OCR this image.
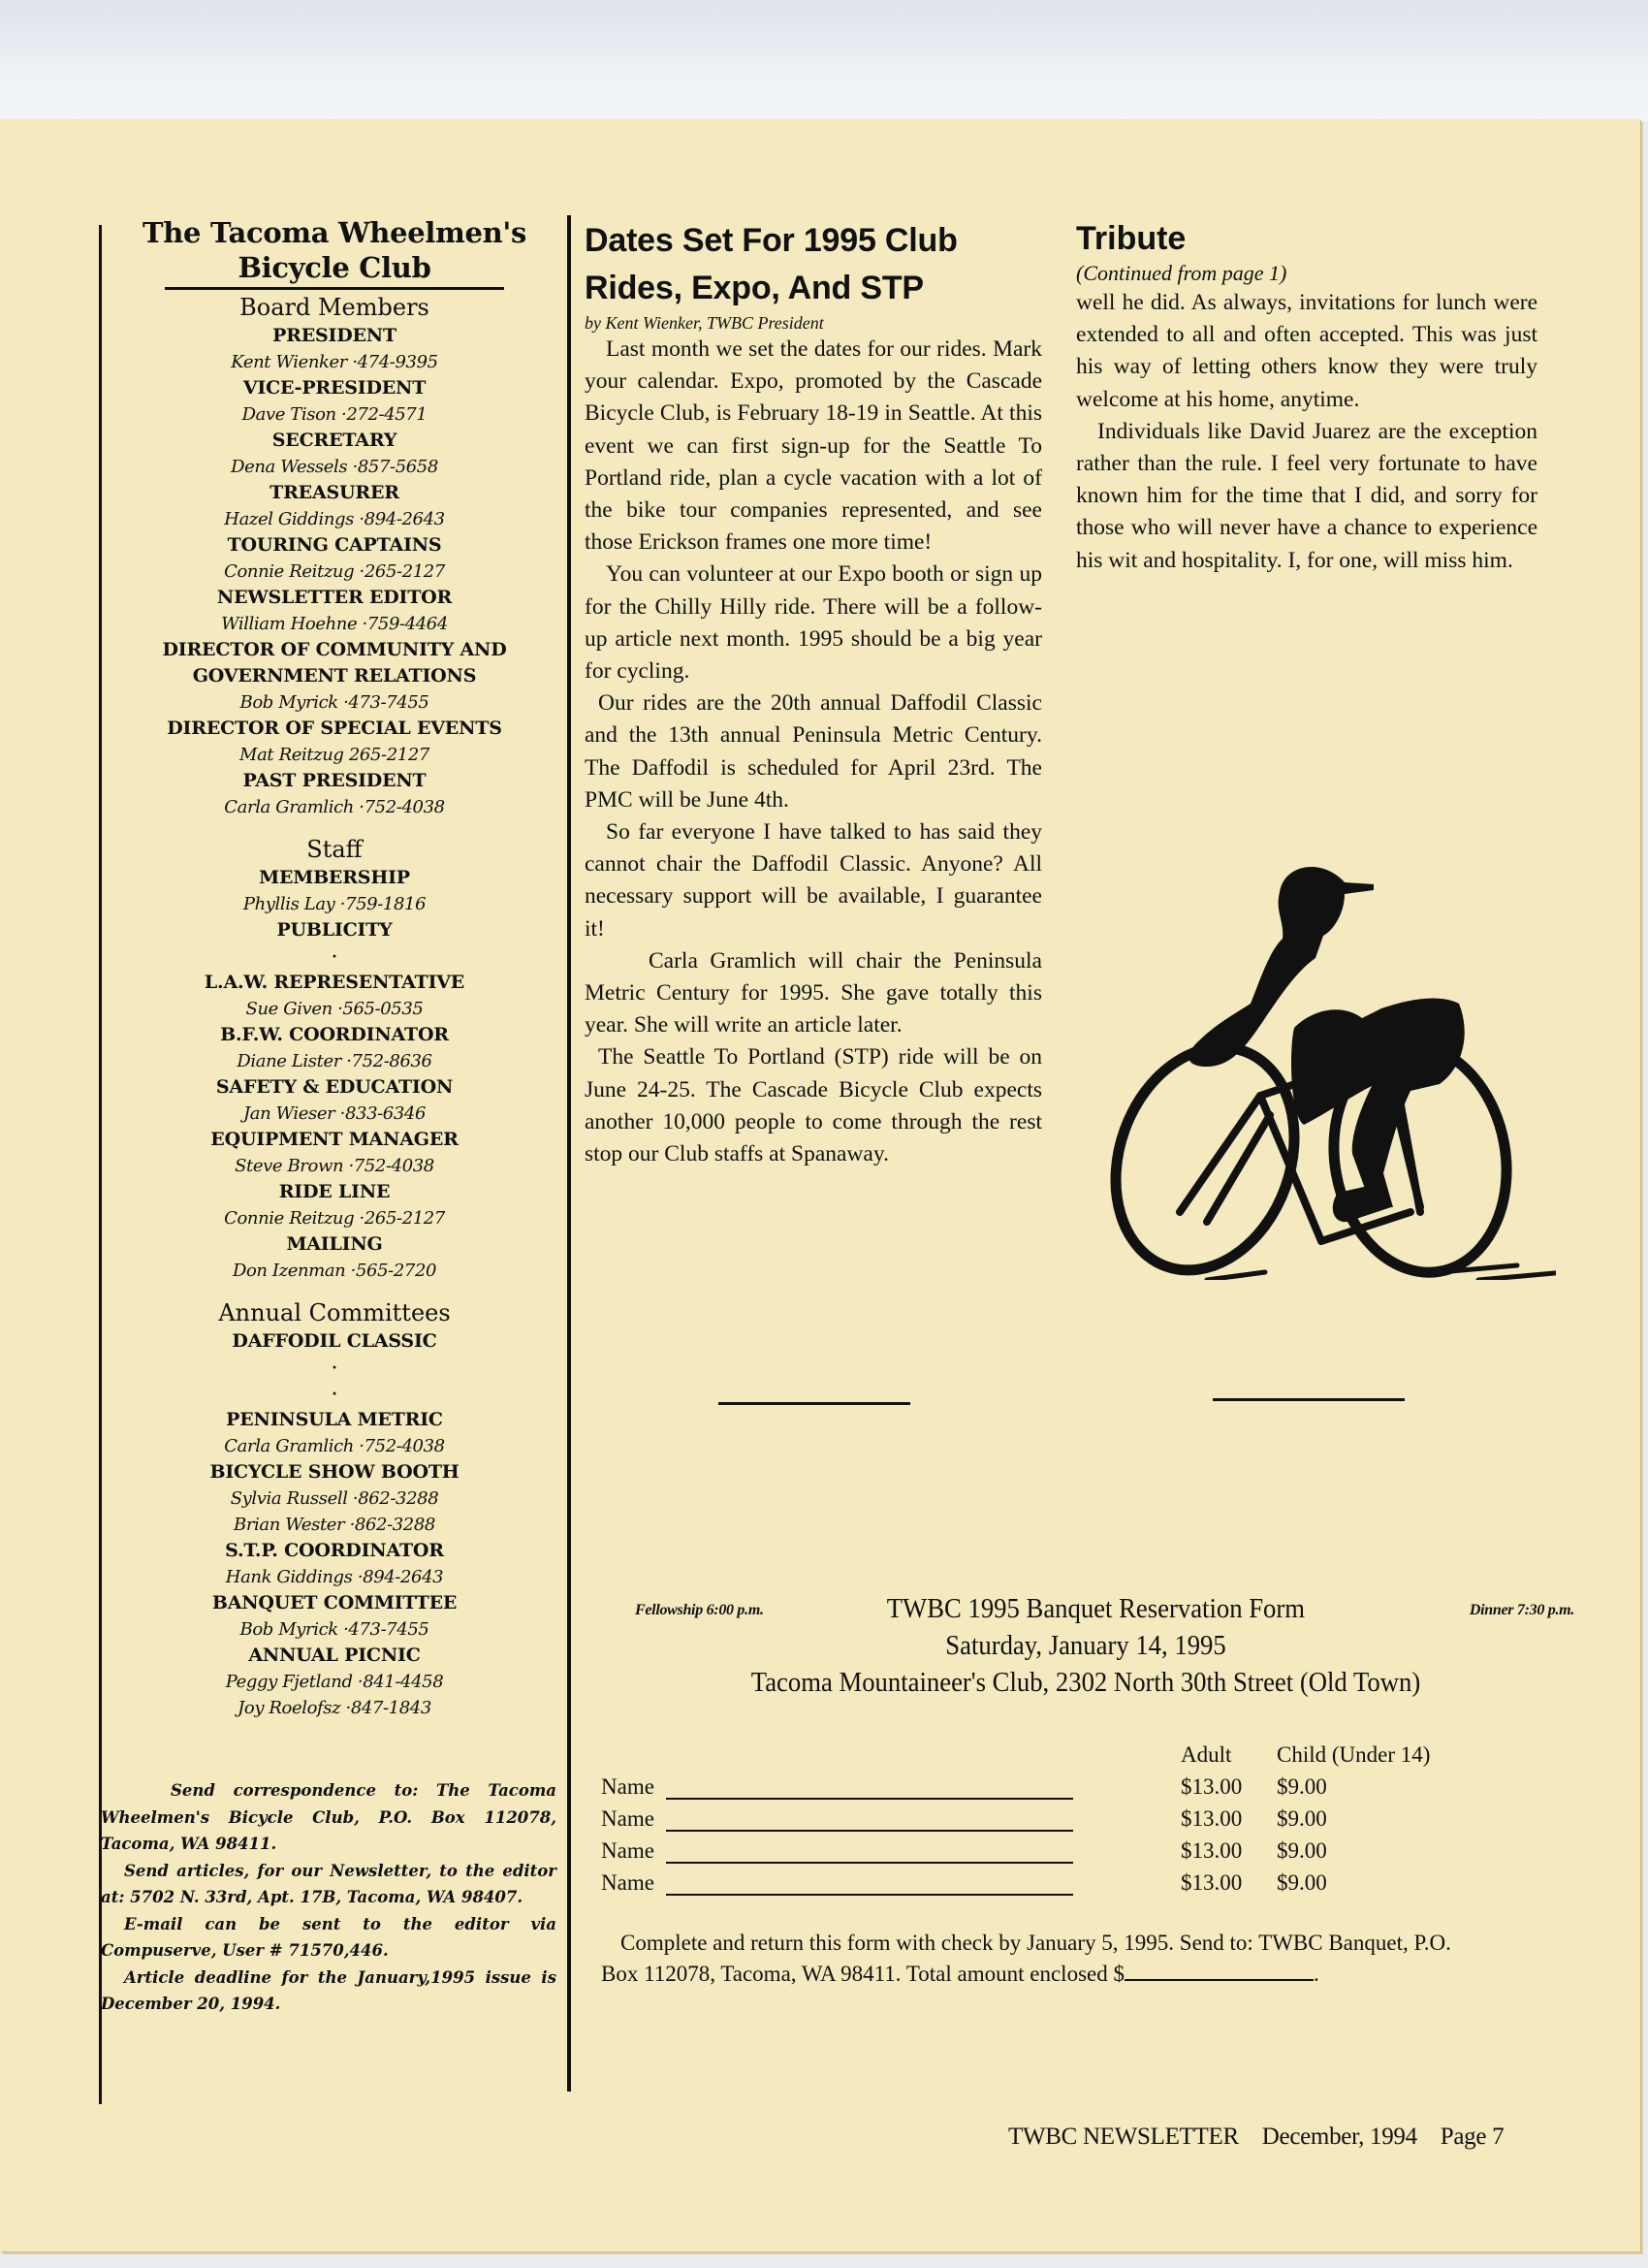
The Tacoma Wheelmen's
Bicycle Club
Board Members
PRESIDENT
Kent Wienker ·474-9395
VICE-PRESIDENT
Dave Tison ·272-4571
SECRETARY
Dena Wessels ·857-5658
TREASURER
Hazel Giddings ·894-2643
TOURING CAPTAINS
Connie Reitzug ·265-2127
NEWSLETTER EDITOR
William Hoehne ·759-4464
DIRECTOR OF COMMUNITY AND GOVERNMENT RELATIONS
Bob Myrick ·473-7455
DIRECTOR OF SPECIAL EVENTS
Mat Reitzug 265-2127
PAST PRESIDENT
Carla Gramlich ·752-4038
Staff
MEMBERSHIP
Phyllis Lay ·759-1816
PUBLICITY
·
L.A.W. REPRESENTATIVE
Sue Given ·565-0535
B.F.W. COORDINATOR
Diane Lister ·752-8636
SAFETY & EDUCATION
Jan Wieser ·833-6346
EQUIPMENT MANAGER
Steve Brown ·752-4038
RIDE LINE
Connie Reitzug ·265-2127
MAILING
Don Izenman ·565-2720
Annual Committees
DAFFODIL CLASSIC
·
·
PENINSULA METRIC
Carla Gramlich ·752-4038
BICYCLE SHOW BOOTH
Sylvia Russell ·862-3288
Brian Wester ·862-3288
S.T.P. COORDINATOR
Hank Giddings ·894-2643
BANQUET COMMITTEE
Bob Myrick ·473-7455
ANNUAL PICNIC
Peggy Fjetland ·841-4458
Joy Roelofsz ·847-1843

Send correspondence to: The Tacoma Wheelmen's Bicycle Club, P.O. Box 112078, Tacoma, WA 98411.

Send articles, for our Newsletter, to the editor at: 5702 N. 33rd, Apt. 17B, Tacoma, WA 98407.

E-mail can be sent to the editor via Compuserve, User # 71570,446.

Article deadline for the January,1995 issue is December 20, 1994.

Dates Set For 1995 Club Rides, Expo, And STP

by Kent Wienker, TWBC President

Last month we set the dates for our rides. Mark your calendar. Expo, promoted by the Cascade Bicycle Club, is February 18-19 in Seattle. At this event we can first sign-up for the Seattle To Portland ride, plan a cycle vacation with a lot of the bike tour companies represented, and see those Erickson frames one more time!

You can volunteer at our Expo booth or sign up for the Chilly Hilly ride. There will be a follow-up article next month. 1995 should be a big year for cycling.

Our rides are the 20th annual Daffodil Classic and the 13th annual Peninsula Metric Century. The Daffodil is scheduled for April 23rd. The PMC will be June 4th.

So far everyone I have talked to has said they cannot chair the Daffodil Classic. Anyone? All necessary support will be available, I guarantee it!

Carla Gramlich will chair the Peninsula Metric Century for 1995. She gave totally this year. She will write an article later.

The Seattle To Portland (STP) ride will be on June 24-25. The Cascade Bicycle Club expects another 10,000 people to come through the rest stop our Club staffs at Spanaway.

Tribute

(Continued from page 1)

well he did. As always, invitations for lunch were extended to all and often accepted. This was just his way of letting others know they were truly welcome at his home, anytime.

Individuals like David Juarez are the exception rather than the rule. I feel very fortunate to have known him for the time that I did, and sorry for those who will never have a chance to experience his wit and hospitality. I, for one, will miss him.

Fellowship 6:00 p.m.	TWBC 1995 Banquet Reservation Form	Dinner 7:30 p.m.
Saturday, January 14, 1995
Tacoma Mountaineer's Club, 2302 North 30th Street (Old Town)
Adult Child (Under 14)
Name	$13.00 $9.00
Name	$13.00 $9.00
Name	$13.00 $9.00
Name	$13.00 $9.00

Complete and return this form with check by January 5, 1995. Send to: TWBC Banquet, P.O.

Box 112078, Tacoma, WA 98411. Total amount enclosed $	.

TWBC NEWSLETTER December, 1994 Page 7
